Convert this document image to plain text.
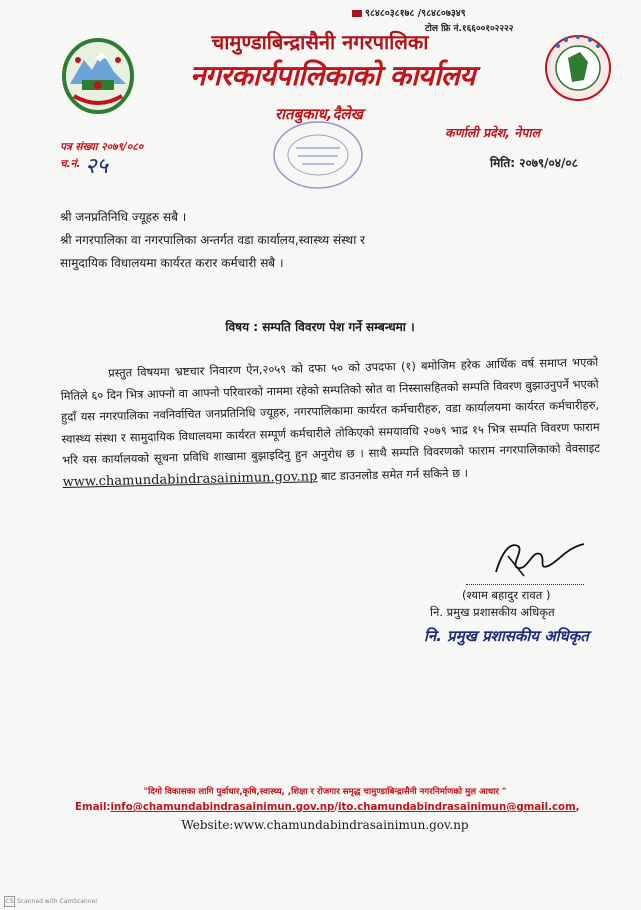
९८४८०३८१७८ /९८४८०७३४९
टोल फ्रि नं.१६६००१०२२२२
चामुण्डाबिन्द्रासैनी नगरपालिका
नगरकार्यपालिकाको कार्यालय
रातबुकाध,दैलेख
कर्णाली प्रदेश, नेपाल
पत्र संख्या २०७९/०८०
च.नं. २५	मिति: २०७९/०४/०८
श्री जनप्रतिनिधि ज्यूहरु सबै ।
श्री नगरपालिका वा नगरपालिका अन्तर्गत वडा कार्यालय,स्वास्थ्य संस्था र
सामुदायिक विधालयमा कार्यरत करार कर्मचारी सबै ।
विषय : सम्पति विवरण पेश गर्ने सम्बन्धमा ।
प्रस्तुत विषयमा भ्रष्टचार निवारण ऐन,२०५९ को दफा ५० को उपदफा (१) बमोजिम हरेक आर्थिक वर्ष समाप्त भएको मितिले ६० दिन भित्र आफ्नो वा आफ्नो परिवारको नाममा रहेको सम्पतिको स्रोत वा निस्सासहितको सम्पति विवरण बुझाउनुपर्ने भएको हुदाँ यस नगरपालिका नवनिर्वाचित जनप्रतिनिधि ज्यूहरु, नगरपालिकामा कार्यरत कर्मचारीहरु, वडा कार्यालयमा कार्यरत कर्मचारीहरु, स्वास्थ्य संस्था र सामुदायिक विधालयमा कार्यरत सम्पूर्ण कर्मचारीले तोकिएको समयावधि २०७९ भाद्र १५ भित्र सम्पति विवरण फाराम भरि यस कार्यालयको सूचना प्रविधि शाखामा बुझाइदिनु हुन अनुरोध छ । साथै सम्पति विवरणको फाराम नगरपालिकाको वेवसाइट www.chamundabindrasainimun.gov.np बाट डाउनलोड समेत गर्न सकिने छ ।
(श्याम बहादुर रावत )
नि. प्रमुख प्रशासकीय अधिकृत
नि. प्रमुख प्रशासकीय अधिकृत
"दिगो विकासका लागि पुर्वाधार,कृषि,स्वास्थ्य, ,शिक्षा र रोजगार समृद्ध चामुण्डाबिन्द्रासैनी नगरनिर्माणको मुल आधार "
Email:info@chamundabindrasainimun.gov.np/ito.chamundabindrasainimun@gmail.com,
Website:www.chamundabindrasainimun.gov.np
CS Scanned with CamScanner
